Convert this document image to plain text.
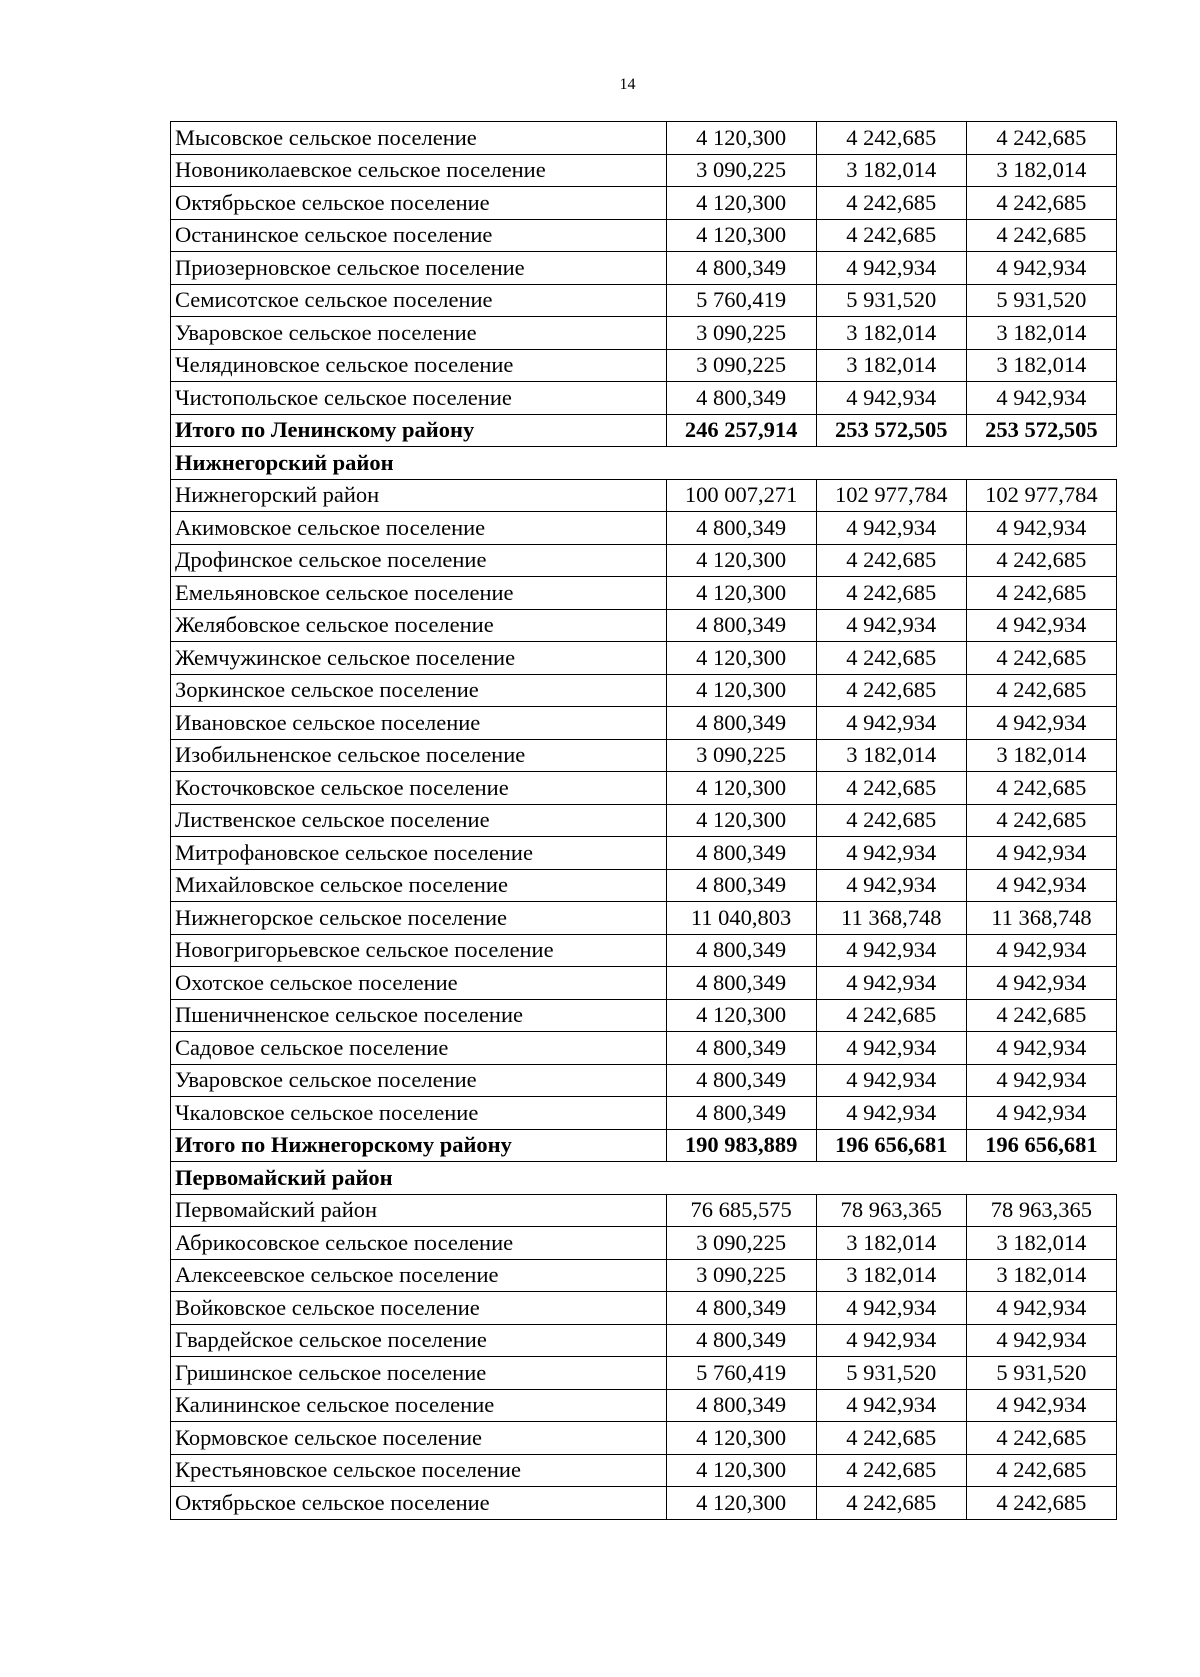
14
Мысовское сельское поселение	4 120,300	4 242,685	4 242,685
Новониколаевское сельское поселение	3 090,225	3 182,014	3 182,014
Октябрьское сельское поселение	4 120,300	4 242,685	4 242,685
Останинское сельское поселение	4 120,300	4 242,685	4 242,685
Приозерновское сельское поселение	4 800,349	4 942,934	4 942,934
Семисотское сельское поселение	5 760,419	5 931,520	5 931,520
Уваровское сельское поселение	3 090,225	3 182,014	3 182,014
Челядиновское сельское поселение	3 090,225	3 182,014	3 182,014
Чистопольское сельское поселение	4 800,349	4 942,934	4 942,934
Итого по Ленинскому району	246 257,914	253 572,505	253 572,505
Нижнегорский район			
Нижнегорский район	100 007,271	102 977,784	102 977,784
Акимовское сельское поселение	4 800,349	4 942,934	4 942,934
Дрофинское сельское поселение	4 120,300	4 242,685	4 242,685
Емельяновское сельское поселение	4 120,300	4 242,685	4 242,685
Желябовское сельское поселение	4 800,349	4 942,934	4 942,934
Жемчужинское сельское поселение	4 120,300	4 242,685	4 242,685
Зоркинское сельское поселение	4 120,300	4 242,685	4 242,685
Ивановское сельское поселение	4 800,349	4 942,934	4 942,934
Изобильненское сельское поселение	3 090,225	3 182,014	3 182,014
Косточковское сельское поселение	4 120,300	4 242,685	4 242,685
Лиственское сельское поселение	4 120,300	4 242,685	4 242,685
Митрофановское сельское поселение	4 800,349	4 942,934	4 942,934
Михайловское сельское поселение	4 800,349	4 942,934	4 942,934
Нижнегорское сельское поселение	11 040,803	11 368,748	11 368,748
Новогригорьевское сельское поселение	4 800,349	4 942,934	4 942,934
Охотское сельское поселение	4 800,349	4 942,934	4 942,934
Пшеничненское сельское поселение	4 120,300	4 242,685	4 242,685
Садовое сельское поселение	4 800,349	4 942,934	4 942,934
Уваровское сельское поселение	4 800,349	4 942,934	4 942,934
Чкаловское сельское поселение	4 800,349	4 942,934	4 942,934
Итого по Нижнегорскому району	190 983,889	196 656,681	196 656,681
Первомайский район			
Первомайский район	76 685,575	78 963,365	78 963,365
Абрикосовское сельское поселение	3 090,225	3 182,014	3 182,014
Алексеевское сельское поселение	3 090,225	3 182,014	3 182,014
Войковское сельское поселение	4 800,349	4 942,934	4 942,934
Гвардейское сельское поселение	4 800,349	4 942,934	4 942,934
Гришинское сельское поселение	5 760,419	5 931,520	5 931,520
Калининское сельское поселение	4 800,349	4 942,934	4 942,934
Кормовское сельское поселение	4 120,300	4 242,685	4 242,685
Крестьяновское сельское поселение	4 120,300	4 242,685	4 242,685
Октябрьское сельское поселение	4 120,300	4 242,685	4 242,685
